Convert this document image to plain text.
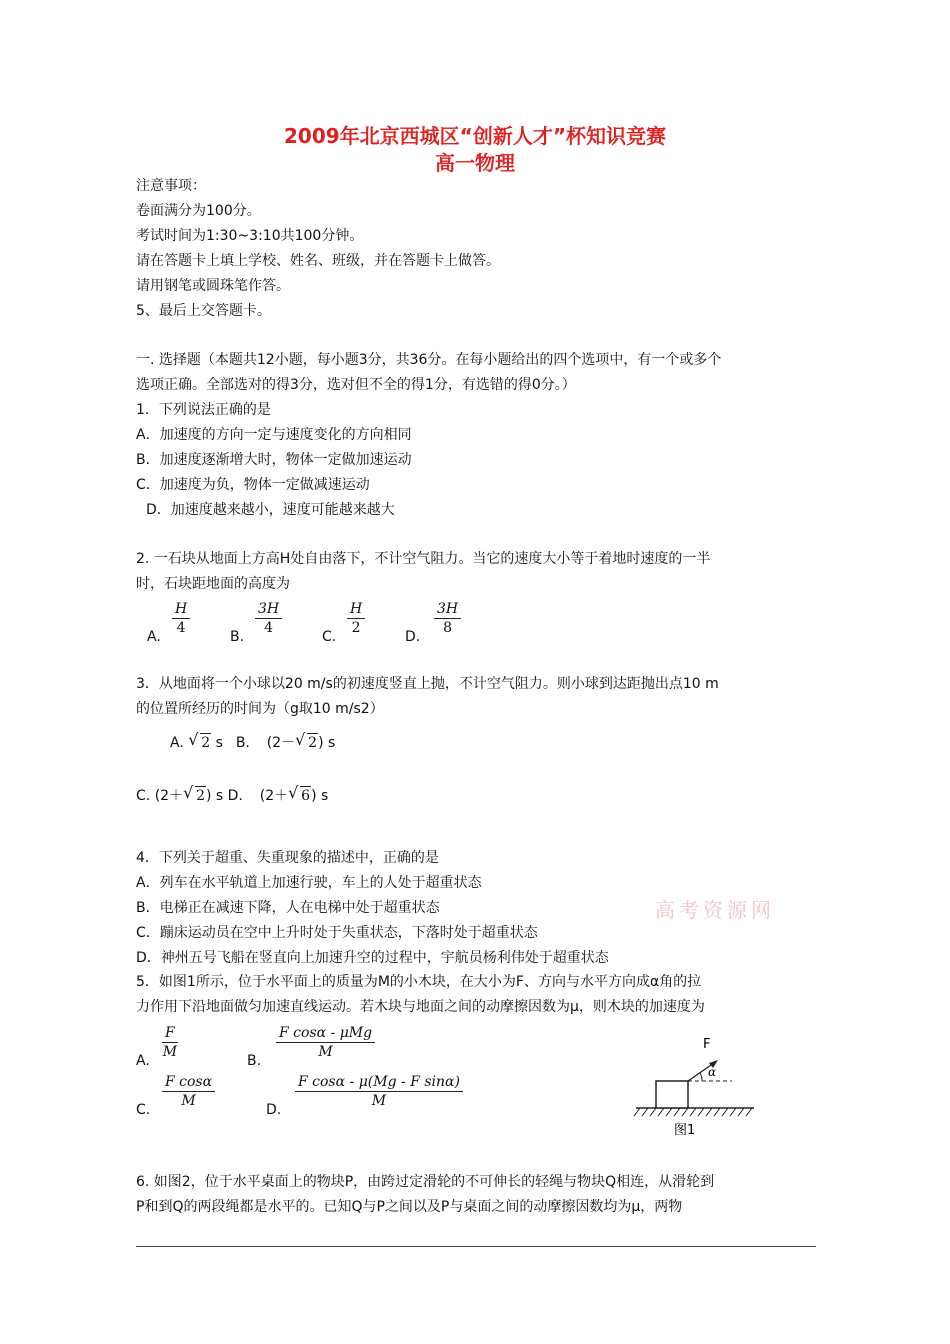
2009年北京西城区“创新人才”杯知识竞赛
高一物理
注意事项：
卷面满分为100分。
考试时间为1:30~3:10共100分钟。
请在答题卡上填上学校、姓名、班级，并在答题卡上做答。
请用钢笔或圆珠笔作答。
5、最后上交答题卡。
一. 选择题（本题共12小题，每小题3分，共36分。在每小题给出的四个选项中，有一个或多个
选项正确。全部选对的得3分，选对但不全的得1分，有选错的得0分。）
1．下列说法正确的是
A．加速度的方向一定与速度变化的方向相同
B．加速度逐渐增大时，物体一定做加速运动
C．加速度为负，物体一定做减速运动
D．加速度越来越小，速度可能越来越大
2. 一石块从地面上方高H处自由落下，不计空气阻力。当它的速度大小等于着地时速度的一半
时，石块距地面的高度为
A. $\frac{H}{4}$	B. $\frac{3H}{4}$	C. $\frac{H}{2}$	D. $\frac{3H}{8}$
3．从地面将一个小球以20 m/s的初速度竖直上抛，不计空气阻力。则小球到达距抛出点10 m
的位置所经历的时间为（g取10 m/s2）
A. √ 2 s B. (2－ √ 2) s
C. (2＋ √ 2) s D. (2＋ √ 6) s
4．下列关于超重、失重现象的描述中，正确的是
A．列车在水平轨道上加速行驶，车上的人处于超重状态
B．电梯正在减速下降，人在电梯中处于超重状态
C．蹦床运动员在空中上升时处于失重状态，下落时处于超重状态
D．神州五号飞船在竖直向上加速升空的过程中，宇航员杨利伟处于超重状态
高考资源网
5．如图1所示，位于水平面上的质量为M的小木块，在大小为F、方向与水平方向成α角的拉
力作用下沿地面做匀加速直线运动。若木块与地面之间的动摩擦因数为μ，则木块的加速度为
A. $\frac{F}{M}$	B.
F cosα - μMg
M
C. $\frac{\text{F cosα}}{M}$	D. $\frac{\text{F cosα - μ(Mg - F sinα)}}{M}$
F
α
图1
6. 如图2，位于水平桌面上的物块P，由跨过定滑轮的不可伸长的轻绳与物块Q相连，从滑轮到
P和到Q的两段绳都是水平的。已知Q与P之间以及P与桌面之间的动摩擦因数均为μ，两物
